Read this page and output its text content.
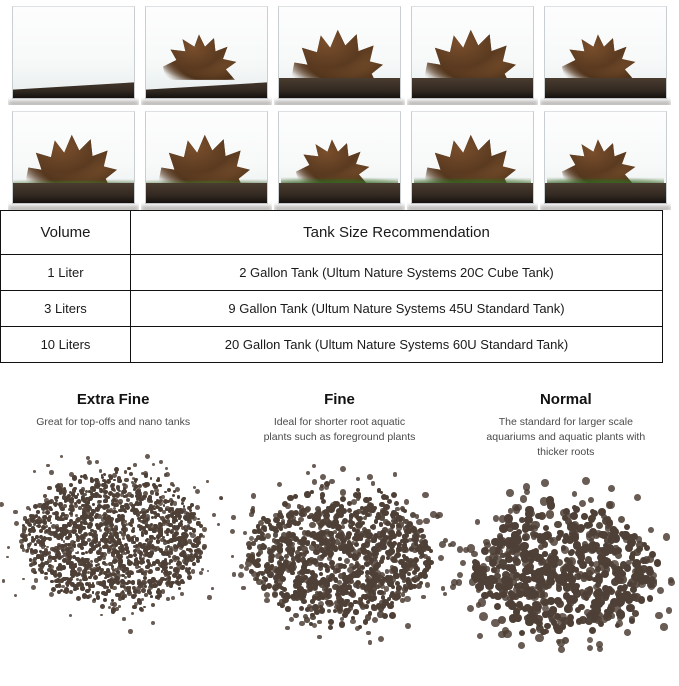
Volume	Tank Size Recommendation
1 Liter	2 Gallon Tank (Ultum Nature Systems 20C Cube Tank)
3 Liters	9 Gallon Tank (Ultum Nature Systems 45U Standard Tank)
10 Liters	20 Gallon Tank (Ultum Nature Systems 60U Standard Tank)
Extra Fine
Great for top-offs and nano tanks
Fine
Ideal for shorter root aquatic plants such as foreground plants
Normal
The standard for larger scale aquariums and aquatic plants with thicker roots
